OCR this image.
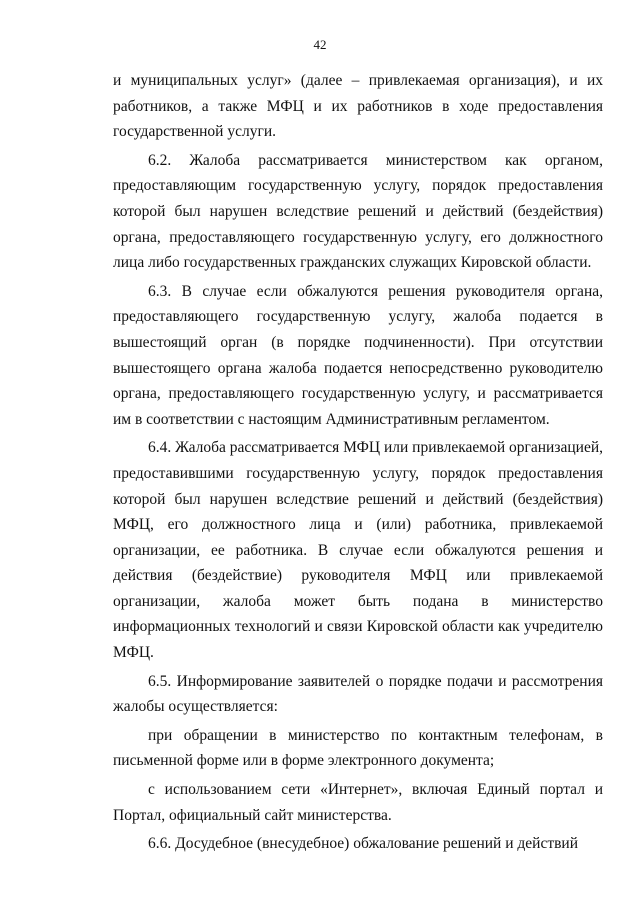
42

и муниципальных услуг» (далее – привлекаемая организация), и их работников, а также МФЦ и их работников в ходе предоставления государственной услуги.

6.2. Жалоба рассматривается министерством как органом, предоставляющим государственную услугу, порядок предоставления которой был нарушен вследствие решений и действий (бездействия) органа, предоставляющего государственную услугу, его должностного лица либо государственных гражданских служащих Кировской области.

6.3. В случае если обжалуются решения руководителя органа, предоставляющего государственную услугу, жалоба подается в вышестоящий орган (в порядке подчиненности). При отсутствии вышестоящего органа жалоба подается непосредственно руководителю органа, предоставляющего государственную услугу, и рассматривается им в соответствии с настоящим Административным регламентом.

6.4. Жалоба рассматривается МФЦ или привлекаемой организацией, предоставившими государственную услугу, порядок предоставления которой был нарушен вследствие решений и действий (бездействия) МФЦ, его должностного лица и (или) работника, привлекаемой организации, ее работника. В случае если обжалуются решения и действия (бездействие) руководителя МФЦ или привлекаемой организации, жалоба может быть подана в министерство информационных технологий и связи Кировской области как учредителю МФЦ.

6.5. Информирование заявителей о порядке подачи и рассмотрения жалобы осуществляется:

при обращении в министерство по контактным телефонам, в письменной форме или в форме электронного документа;

с использованием сети «Интернет», включая Единый портал и Портал, официальный сайт министерства.

6.6. Досудебное (внесудебное) обжалование решений и действий
